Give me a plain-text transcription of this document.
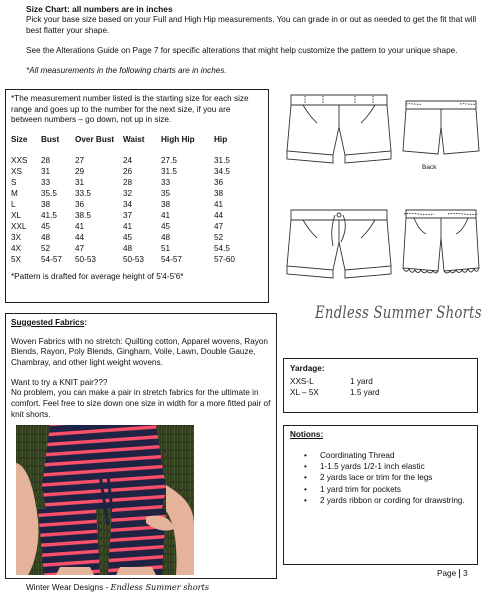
Size Chart: all numbers are in inches

Pick your base size based on your Full and High Hip measurements. You can grade in or out as needed to get the fit that will best flatter your shape.

See the Alterations Guide on Page 7 for specific alterations that might help customize the pattern to your unique shape.

*All measurements in the following charts are in inches.

*The measurement number listed is the starting size for each size range and goes up to the number for the next size, if you are between numbers – go down, not up in size.
Size	Bust	Over Bust	Waist	High Hip	Hip

XXS	28	27	24	27.5	31.5
XS	31	29	26	31.5	34.5
S	33	31	28	33	36
M	35.5	33.5	32	35	38
L	38	36	34	38	41
XL	41.5	38.5	37	41	44
XXL	45	41	41	45	47
3X	48	44	45	48	52
4X	52	47	48	51	54.5
5X	54-57	50-53	50-53	54-57	57-60
*Pattern is drafted for average height of 5'4-5'6*
Back
Endless Summer Shorts
Suggested Fabrics:
Woven Fabrics with no stretch: Quilting cotton, Apparel wovens, Rayon Blends, Rayon, Poly Blends, Gingham, Voile, Lawn, Double Gauze, Chambray, and other light weight wovens.
Want to try a KNIT pair???
No problem, you can make a pair in stretch fabrics for the ultimate in comfort. Feel free to size down one size in width for a more fitted pair of knit shorts.
Yardage:
XXS-L	1 yard
XL – 5X	1.5 yard
Notions:
• Coordinating Thread
• 1-1.5 yards 1/2-1 inch elastic
• 2 yards lace or trim for the legs
• 1 yard trim for pockets
• 2 yards ribbon or cording for drawstring.
Winter Wear Designs - Endless Summer shorts
Page 3
